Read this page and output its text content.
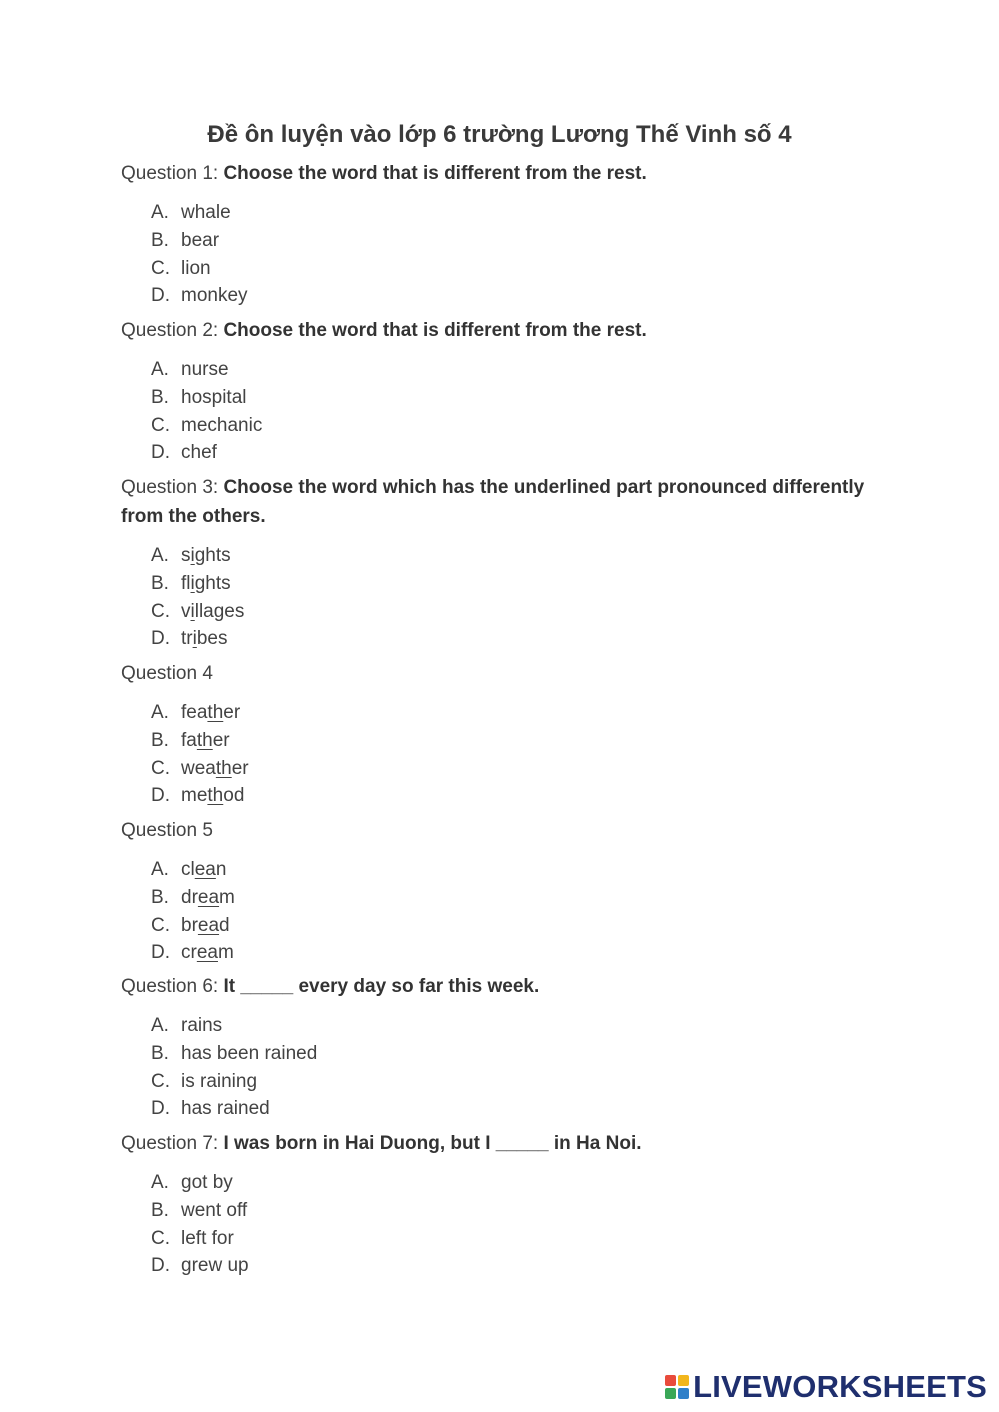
Đề ôn luyện vào lớp 6 trường Lương Thế Vinh số 4
Question 1: Choose the word that is different from the rest.
A. whale
B. bear
C. lion
D. monkey
Question 2: Choose the word that is different from the rest.
A. nurse
B. hospital
C. mechanic
D. chef
Question 3: Choose the word which has the underlined part pronounced differently from the others.
A. sights
B. flights
C. villages
D. tribes
Question 4
A. feather
B. father
C. weather
D. method
Question 5
A. clean
B. dream
C. bread
D. cream
Question 6: It _____ every day so far this week.
A. rains
B. has been rained
C. is raining
D. has rained
Question 7: I was born in Hai Duong, but I _____ in Ha Noi.
A. got by
B. went off
C. left for
D. grew up
LIVEWORKSHEETS
